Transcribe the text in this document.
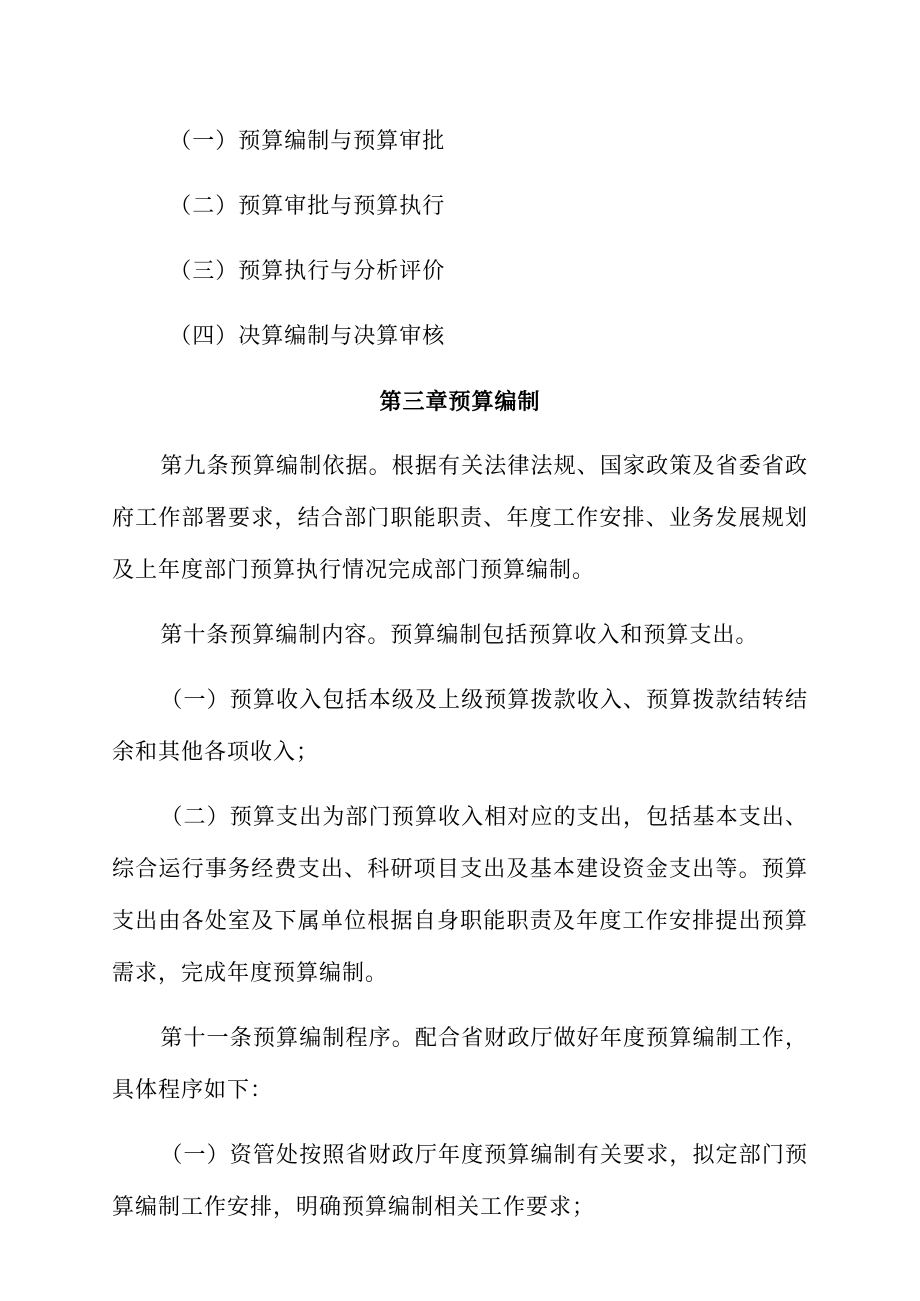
（一）预算编制与预算审批

（二）预算审批与预算执行

（三）预算执行与分析评价

（四）决算编制与决算审核

第三章预算编制

第九条预算编制依据。根据有关法律法规、国家政策及省委省政府工作部署要求，结合部门职能职责、年度工作安排、业务发展规划及上年度部门预算执行情况完成部门预算编制。

第十条预算编制内容。预算编制包括预算收入和预算支出。

（一）预算收入包括本级及上级预算拨款收入、预算拨款结转结余和其他各项收入；

（二）预算支出为部门预算收入相对应的支出，包括基本支出、综合运行事务经费支出、科研项目支出及基本建设资金支出等。预算支出由各处室及下属单位根据自身职能职责及年度工作安排提出预算需求，完成年度预算编制。

第十一条预算编制程序。配合省财政厅做好年度预算编制工作，具体程序如下：

（一）资管处按照省财政厅年度预算编制有关要求，拟定部门预算编制工作安排，明确预算编制相关工作要求；
